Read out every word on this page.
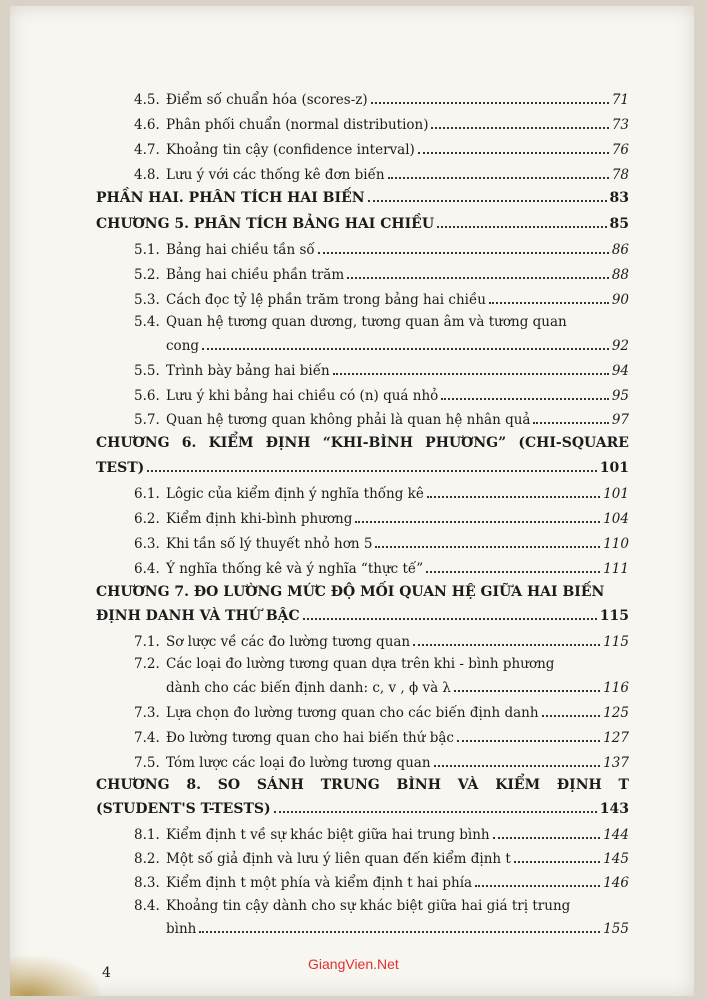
4.5. Điểm số chuẩn hóa (scores-z)	71
4.6. Phân phối chuẩn (normal distribution)	73
4.7. Khoảng tin cậy (confidence interval)	76
4.8. Lưu ý với các thống kê đơn biến	78
PHẦN HAI. PHÂN TÍCH HAI BIẾN	83
CHƯƠNG 5. PHÂN TÍCH BẢNG HAI CHIỀU	85
5.1. Bảng hai chiều tần số	86
5.2. Bảng hai chiều phần trăm	88
5.3. Cách đọc tỷ lệ phần trăm trong bảng hai chiều	90
5.4. Quan hệ tương quan dương, tương quan âm và tương quan
cong	92
5.5. Trình bày bảng hai biến	94
5.6. Lưu ý khi bảng hai chiều có (n) quá nhỏ	95
5.7. Quan hệ tương quan không phải là quan hệ nhân quả	97
CHƯƠNG 6. KIỂM ĐỊNH “KHI-BÌNH PHƯƠNG” (CHI-SQUARE
TEST)	101
6.1. Lôgic của kiểm định ý nghĩa thống kê	101
6.2. Kiểm định khi-bình phương	104
6.3. Khi tần số lý thuyết nhỏ hơn 5	110
6.4. Ý nghĩa thống kê và ý nghĩa “thực tế”	111
CHƯƠNG 7. ĐO LƯỜNG MỨC ĐỘ MỐI QUAN HỆ GIỮA HAI BIẾN
ĐỊNH DANH VÀ THỨ BẬC	115
7.1. Sơ lược về các đo lường tương quan	115
7.2. Các loại đo lường tương quan dựa trên khi - bình phương
dành cho các biến định danh: c, v , ϕ và λ	116
7.3. Lựa chọn đo lường tương quan cho các biến định danh	125
7.4. Đo lường tương quan cho hai biến thứ bậc	127
7.5. Tóm lược các loại đo lường tương quan	137
CHƯƠNG 8. SO SÁNH TRUNG BÌNH VÀ KIỂM ĐỊNH T
(STUDENT'S T-TESTS)	143
8.1. Kiểm định t về sự khác biệt giữa hai trung bình	144
8.2. Một số giả định và lưu ý liên quan đến kiểm định t	145
8.3. Kiểm định t một phía và kiểm định t hai phía	146
8.4. Khoảng tin cậy dành cho sự khác biệt giữa hai giá trị trung
bình	155
4
GiangVien.Net
